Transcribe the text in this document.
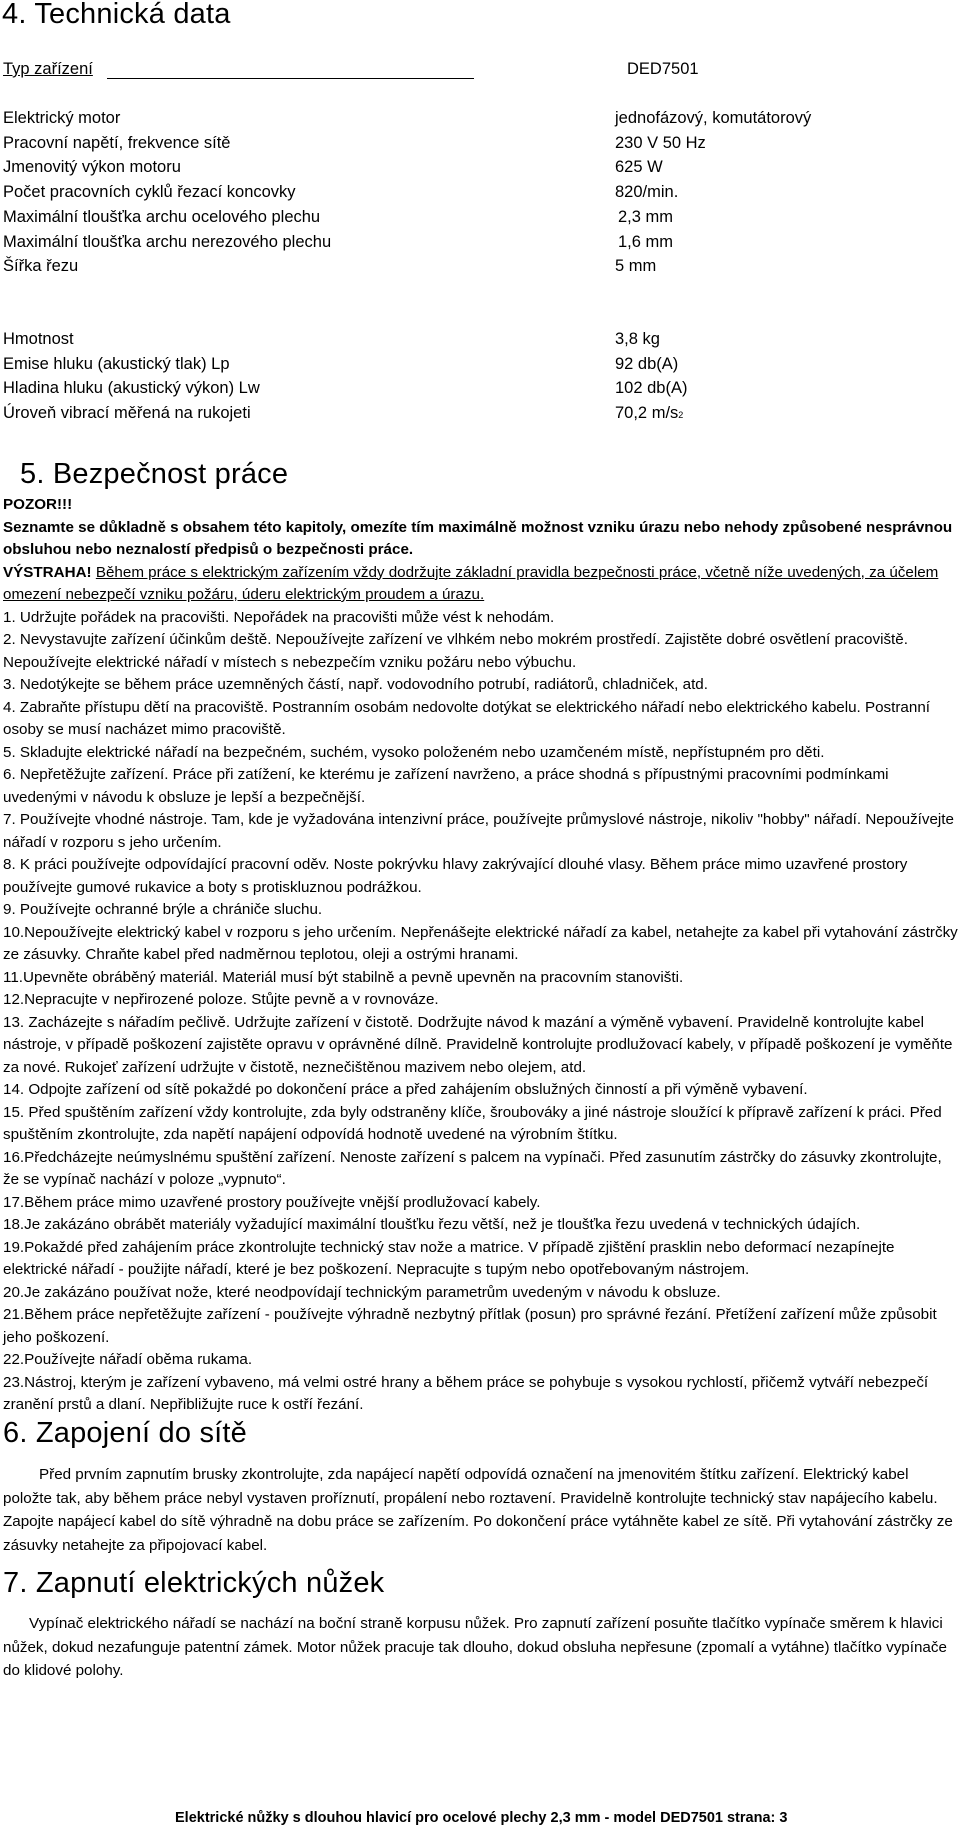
4. Technická data
Typ zařízení	DED7501
Elektrický motor
Pracovní napětí, frekvence sítě
Jmenovitý výkon motoru
Počet pracovních cyklů řezací koncovky
Maximální tloušťka archu ocelového plechu
Maximální tloušťka archu nerezového plechu
Šířka řezu
jednofázový, komutátorový
230 V 50 Hz
625 W
820/min.
2,3 mm
1,6 mm
5 mm
Hmotnost
Emise hluku (akustický tlak) Lp
Hladina hluku (akustický výkon) Lw
Úroveň vibrací měřená na rukojeti
3,8 kg
92 db(A)
102 db(A)
70,2 $m/s^2$
5. Bezpečnost práce

POZOR!!!

Seznamte se důkladně s obsahem této kapitoly, omezíte tím maximálně možnost vzniku úrazu nebo nehody způsobené nesprávnou obsluhou nebo neznalostí předpisů o bezpečnosti práce.

VÝSTRAHA! Během práce s elektrickým zařízením vždy dodržujte základní pravidla bezpečnosti práce, včetně níže uvedených, za účelem omezení nebezpečí vzniku požáru, úderu elektrickým proudem a úrazu.

1. Udržujte pořádek na pracovišti. Nepořádek na pracovišti může vést k nehodám.

2. Nevystavujte zařízení účinkům deště. Nepoužívejte zařízení ve vlhkém nebo mokrém prostředí. Zajistěte dobré osvětlení pracoviště. Nepoužívejte elektrické nářadí v místech s nebezpečím vzniku požáru nebo výbuchu.

3. Nedotýkejte se během práce uzemněných částí, např. vodovodního potrubí, radiátorů, chladniček, atd.

4. Zabraňte přístupu dětí na pracoviště. Postranním osobám nedovolte dotýkat se elektrického nářadí nebo elektrického kabelu. Postranní osoby se musí nacházet mimo pracoviště.

5. Skladujte elektrické nářadí na bezpečném, suchém, vysoko položeném nebo uzamčeném místě, nepřístupném pro děti.

6. Nepřetěžujte zařízení. Práce při zatížení, ke kterému je zařízení navrženo, a práce shodná s přípustnými pracovními podmínkami uvedenými v návodu k obsluze je lepší a bezpečnější.

7. Používejte vhodné nástroje. Tam, kde je vyžadována intenzivní práce, používejte průmyslové nástroje, nikoliv "hobby" nářadí. Nepoužívejte nářadí v rozporu s jeho určením.

8. K práci používejte odpovídající pracovní oděv. Noste pokrývku hlavy zakrývající dlouhé vlasy. Během práce mimo uzavřené prostory používejte gumové rukavice a boty s protiskluznou podrážkou.

9. Používejte ochranné brýle a chrániče sluchu.

10.Nepoužívejte elektrický kabel v rozporu s jeho určením. Nepřenášejte elektrické nářadí za kabel, netahejte za kabel při vytahování zástrčky ze zásuvky. Chraňte kabel před nadměrnou teplotou, oleji a ostrými hranami.

11.Upevněte obráběný materiál. Materiál musí být stabilně a pevně upevněn na pracovním stanovišti.

12.Nepracujte v nepřirozené poloze. Stůjte pevně a v rovnováze.

13. Zacházejte s nářadím pečlivě. Udržujte zařízení v čistotě. Dodržujte návod k mazání a výměně vybavení. Pravidelně kontrolujte kabel nástroje, v případě poškození zajistěte opravu v oprávněné dílně. Pravidelně kontrolujte prodlužovací kabely, v případě poškození je vyměňte za nové. Rukojeť zařízení udržujte v čistotě, neznečištěnou mazivem nebo olejem, atd.

14. Odpojte zařízení od sítě pokaždé po dokončení práce a před zahájením obslužných činností a při výměně vybavení.

15. Před spuštěním zařízení vždy kontrolujte, zda byly odstraněny klíče, šroubováky a jiné nástroje sloužící k přípravě zařízení k práci. Před spuštěním zkontrolujte, zda napětí napájení odpovídá hodnotě uvedené na výrobním štítku.

16.Předcházejte neúmyslnému spuštění zařízení. Nenoste zařízení s palcem na vypínači. Před zasunutím zástrčky do zásuvky zkontrolujte, že se vypínač nachází v poloze „vypnuto“.

17.Během práce mimo uzavřené prostory používejte vnější prodlužovací kabely.

18.Je zakázáno obrábět materiály vyžadující maximální tloušťku řezu větší, než je tloušťka řezu uvedená v technických údajích.

19.Pokaždé před zahájením práce zkontrolujte technický stav nože a matrice. V případě zjištění prasklin nebo deformací nezapínejte elektrické nářadí - použijte nářadí, které je bez poškození. Nepracujte s tupým nebo opotřebovaným nástrojem.

20.Je zakázáno používat nože, které neodpovídají technickým parametrům uvedeným v návodu k obsluze.

21.Během práce nepřetěžujte zařízení - používejte výhradně nezbytný přítlak (posun) pro správné řezání. Přetížení zařízení může způsobit jeho poškození.

22.Používejte nářadí oběma rukama.

23.Nástroj, kterým je zařízení vybaveno, má velmi ostré hrany a během práce se pohybuje s vysokou rychlostí, přičemž vytváří nebezpečí zranění prstů a dlaní. Nepřibližujte ruce k ostří řezání.

6. Zapojení do sítě
Před prvním zapnutím brusky zkontrolujte, zda napájecí napětí odpovídá označení na jmenovitém štítku zařízení. Elektrický kabel položte tak, aby během práce nebyl vystaven proříznutí, propálení nebo roztavení. Pravidelně kontrolujte technický stav napájecího kabelu. Zapojte napájecí kabel do sítě výhradně na dobu práce se zařízením. Po dokončení práce vytáhněte kabel ze sítě. Při vytahování zástrčky ze zásuvky netahejte za připojovací kabel.
7. Zapnutí elektrických nůžek
Vypínač elektrického nářadí se nachází na boční straně korpusu nůžek. Pro zapnutí zařízení posuňte tlačítko vypínače směrem k hlavici nůžek, dokud nezafunguje patentní zámek. Motor nůžek pracuje tak dlouho, dokud obsluha nepřesune (zpomalí a vytáhne) tlačítko vypínače do klidové polohy.
Elektrické nůžky s dlouhou hlavicí pro ocelové plechy 2,3 mm - model DED7501 strana: 3
